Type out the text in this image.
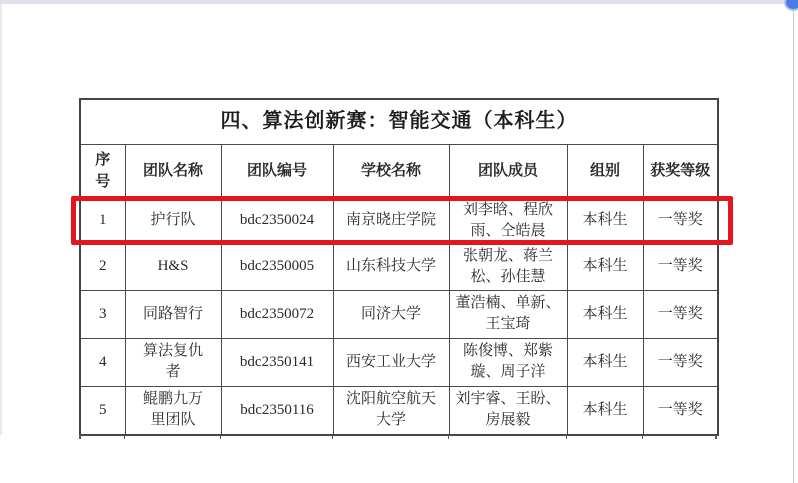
四、算法创新赛：智能交通（本科生）						

序号	团队名称	团队编号	学校名称	团队成员	组别	获奖等级
1	护行队	bdc2350024	南京晓庄学院	刘李晗、程欣雨、仝皓晨	本科生	一等奖
2	H&S	bdc2350005	山东科技大学	张朝龙、蒋兰松、孙佳慧	本科生	一等奖
3	同路智行	bdc2350072	同济大学	董浩楠、单新、王宝琦	本科生	一等奖
4	算法复仇者	bdc2350141	西安工业大学	陈俊博、郑紫璇、周子洋	本科生	一等奖
5	鲲鹏九万里团队	bdc2350116	沈阳航空航天大学	刘宇睿、王盼、房展毅	本科生	一等奖
